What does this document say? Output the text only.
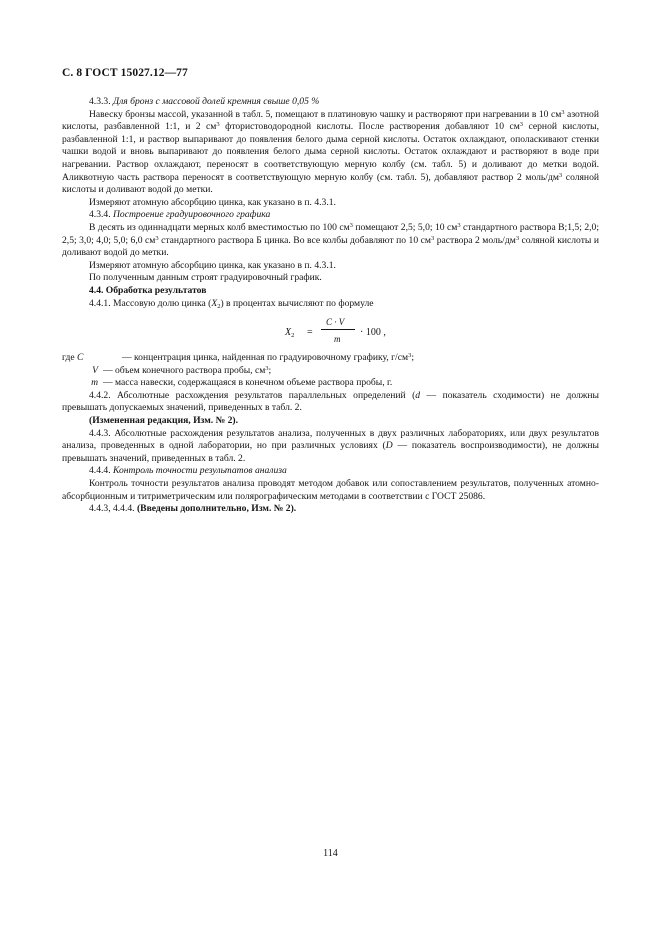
С. 8 ГОСТ 15027.12—77

4.3.3. Для бронз с массовой долей кремния свыше 0,05 %

Навеску бронзы массой, указанной в табл. 5, помещают в платиновую чашку и растворяют при нагревании в 10 $см^3$ азотной кислоты, разбавленной 1:1, и 2 $см^3$ фтористоводородной кислоты. После растворения добавляют 10 $см^3$ серной кислоты, разбавленной 1:1, и раствор выпаривают до появления белого дыма серной кислоты. Остаток охлаждают, ополаскивают стенки чашки водой и вновь выпаривают до появления белого дыма серной кислоты. Остаток охлаждают и растворяют в воде при нагревании. Раствор охлаждают, переносят в соответствующую мерную колбу (см. табл. 5) и доливают до метки водой. Аликвотную часть раствора переносят в соответствующую мерную колбу (см. табл. 5), добавляют раствор 2 моль/$дм^3$ соляной кислоты и доливают водой до метки.

Измеряют атомную абсорбцию цинка, как указано в п. 4.3.1.

4.3.4. Построение градуировочного графика

В десять из одиннадцати мерных колб вместимостью по 100 $см^3$ помещают 2,5; 5,0; 10 $см^3$ стандартного раствора В;1,5; 2,0; 2,5; 3,0; 4,0; 5,0; 6,0 $см^3$ стандартного раствора Б цинка. Во все колбы добавляют по 10 $см^3$ раствора 2 моль/$дм^3$ соляной кислоты и доливают водой до метки.

Измеряют атомную абсорбцию цинка, как указано в п. 4.3.1.

По полученным данным строят градуировочный график.

4.4. Обработка результатов

4.4.1. Массовую долю цинка $(X_2)$ в процентах вычисляют по формуле

$X_2$ =
C · V
m
· 100 ,
где C	— концентрация цинка, найденная по градуировочному графику, $г/см^3$;
V — объем конечного раствора пробы, $см^3$;
m — масса навески, содержащаяся в конечном объеме раствора пробы, г.

4.4.2. Абсолютные расхождения результатов параллельных определений (d — показатель сходимости) не должны превышать допускаемых значений, приведенных в табл. 2.

(Измененная редакция, Изм. № 2).

4.4.3. Абсолютные расхождения результатов анализа, полученных в двух различных лабораториях, или двух результатов анализа, проведенных в одной лаборатории, но при различных условиях (D — показатель воспроизводимости), не должны превышать значений, приведенных в табл. 2.

4.4.4. Контроль точности результатов анализа

Контроль точности результатов анализа проводят методом добавок или сопоставлением результатов, полученных атомно-абсорбционным и титриметрическим или полярографическим методами в соответствии с ГОСТ 25086.

4.4.3, 4.4.4. (Введены дополнительно, Изм. № 2).

114
